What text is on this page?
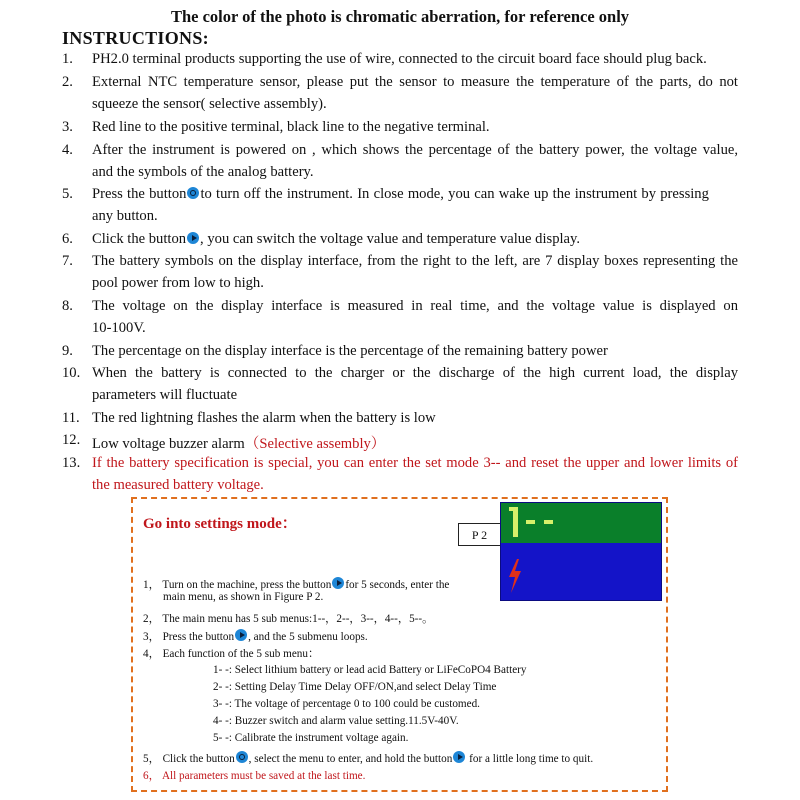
The color of the photo is chromatic aberration, for reference only
INSTRUCTIONS:
1. PH2.0 terminal products supporting the use of wire, connected to the circuit board face should plug back.
2. External NTC temperature sensor, please put the sensor to measure the temperature of the parts, do not
squeeze the sensor( selective assembly).
3. Red line to the positive terminal, black line to the negative terminal.
4. After the instrument is powered on , which shows the percentage of the battery power, the voltage value,
and the symbols of the analog battery.
5. Press the button to turn off the instrument. In close mode, you can wake up the instrument by pressing
any button.
6. Click the button , you can switch the voltage value and temperature value display.
7. The battery symbols on the display interface, from the right to the left, are 7 display boxes representing the
pool power from low to high.
8. The voltage on the display interface is measured in real time, and the voltage value is displayed on
10-100V.
9. The percentage on the display interface is the percentage of the remaining battery power
10. When the battery is connected to the charger or the discharge of the high current load, the display
parameters will fluctuate
11. The red lightning flashes the alarm when the battery is low
12. Low voltage buzzer alarm（Selective assembly）
13. If the battery specification is special, you can enter the set mode 3-- and reset the upper and lower limits of
the measured battery voltage.
Go into settings mode：
P 2
1， Turn on the machine, press the button for 5 seconds, enter the
main menu, as shown in Figure P 2.
2， The main menu has 5 sub menus:1--，2--，3--，4--，5--。
3， Press the button , and the 5 submenu loops.
4， Each function of the 5 sub menu：
1- -: Select lithium battery or lead acid Battery or LiFeCoPO4 Battery
2- -: Setting Delay Time Delay OFF/ON,and select Delay Time
3- -: The voltage of percentage 0 to 100 could be customed.
4- -: Buzzer switch and alarm value setting.11.5V-40V.
5- -: Calibrate the instrument voltage again.
5， Click the button , select the menu to enter, and hold the button for a little long time to quit.
6， All parameters must be saved at the last time.
